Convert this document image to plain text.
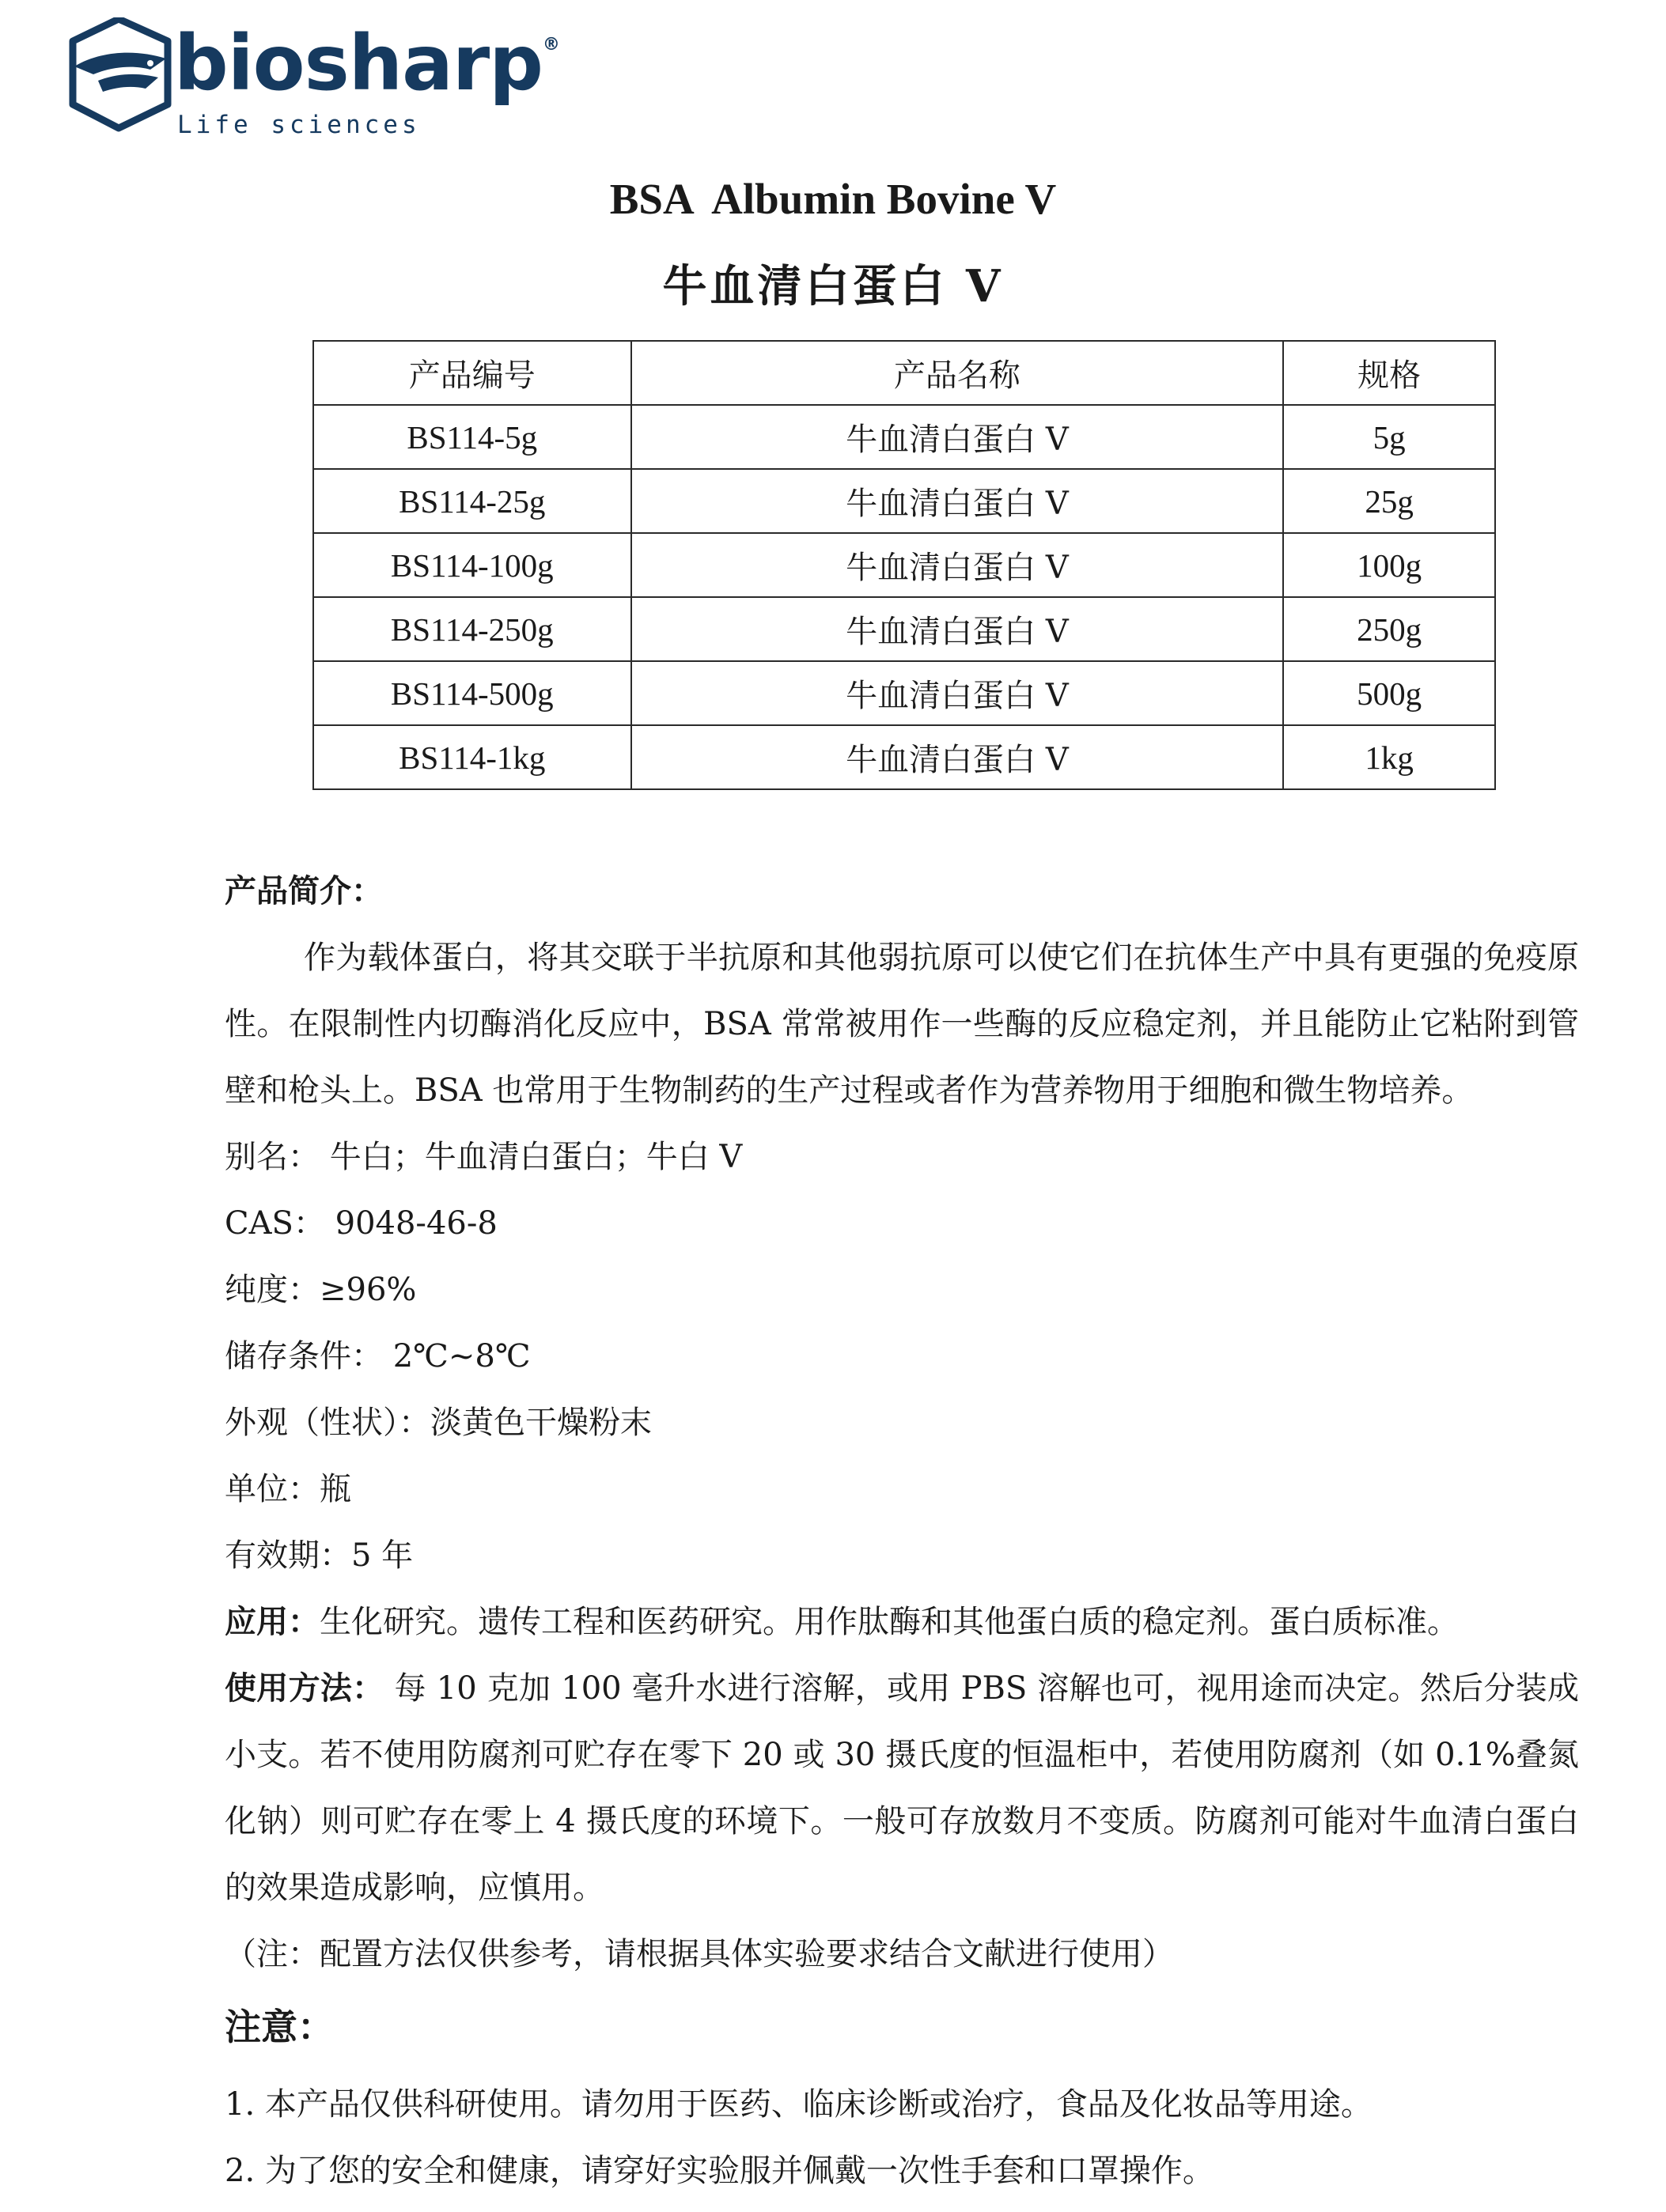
biosharp®
Life sciences
BSA  Albumin Bovine V
牛血清白蛋白 V
产品编号	产品名称	规格
BS114-5g	牛血清白蛋白 V	5g
BS114-25g	牛血清白蛋白 V	25g
BS114-100g	牛血清白蛋白 V	100g
BS114-250g	牛血清白蛋白 V	250g
BS114-500g	牛血清白蛋白 V	500g
BS114-1kg	牛血清白蛋白 V	1kg

产品简介：

作为载体蛋白，将其交联于半抗原和其他弱抗原可以使它们在抗体生产中具有更强的免疫原性。在限制性内切酶消化反应中，BSA 常常被用作一些酶的反应稳定剂，并且能防止它粘附到管壁和枪头上。BSA 也常用于生物制药的生产过程或者作为营养物用于细胞和微生物培养。

别名： 牛白；牛血清白蛋白；牛白 V

CAS： 9048-46-8

纯度：≥96%

储存条件： 2℃~8℃

外观（性状）：淡黄色干燥粉末

单位：瓶

有效期：5 年

应用：生化研究。遗传工程和医药研究。用作肽酶和其他蛋白质的稳定剂。蛋白质标准。

使用方法： 每 10 克加 100 毫升水进行溶解，或用 PBS 溶解也可，视用途而决定。然后分装成小支。若不使用防腐剂可贮存在零下 20 或 30 摄氏度的恒温柜中，若使用防腐剂（如 0.1%叠氮化钠）则可贮存在零上 4 摄氏度的环境下。一般可存放数月不变质。防腐剂可能对牛血清白蛋白的效果造成影响，应慎用。

（注：配置方法仅供参考，请根据具体实验要求结合文献进行使用）

注意：

1. 本产品仅供科研使用。请勿用于医药、临床诊断或治疗，食品及化妆品等用途。

2. 为了您的安全和健康，请穿好实验服并佩戴一次性手套和口罩操作。
